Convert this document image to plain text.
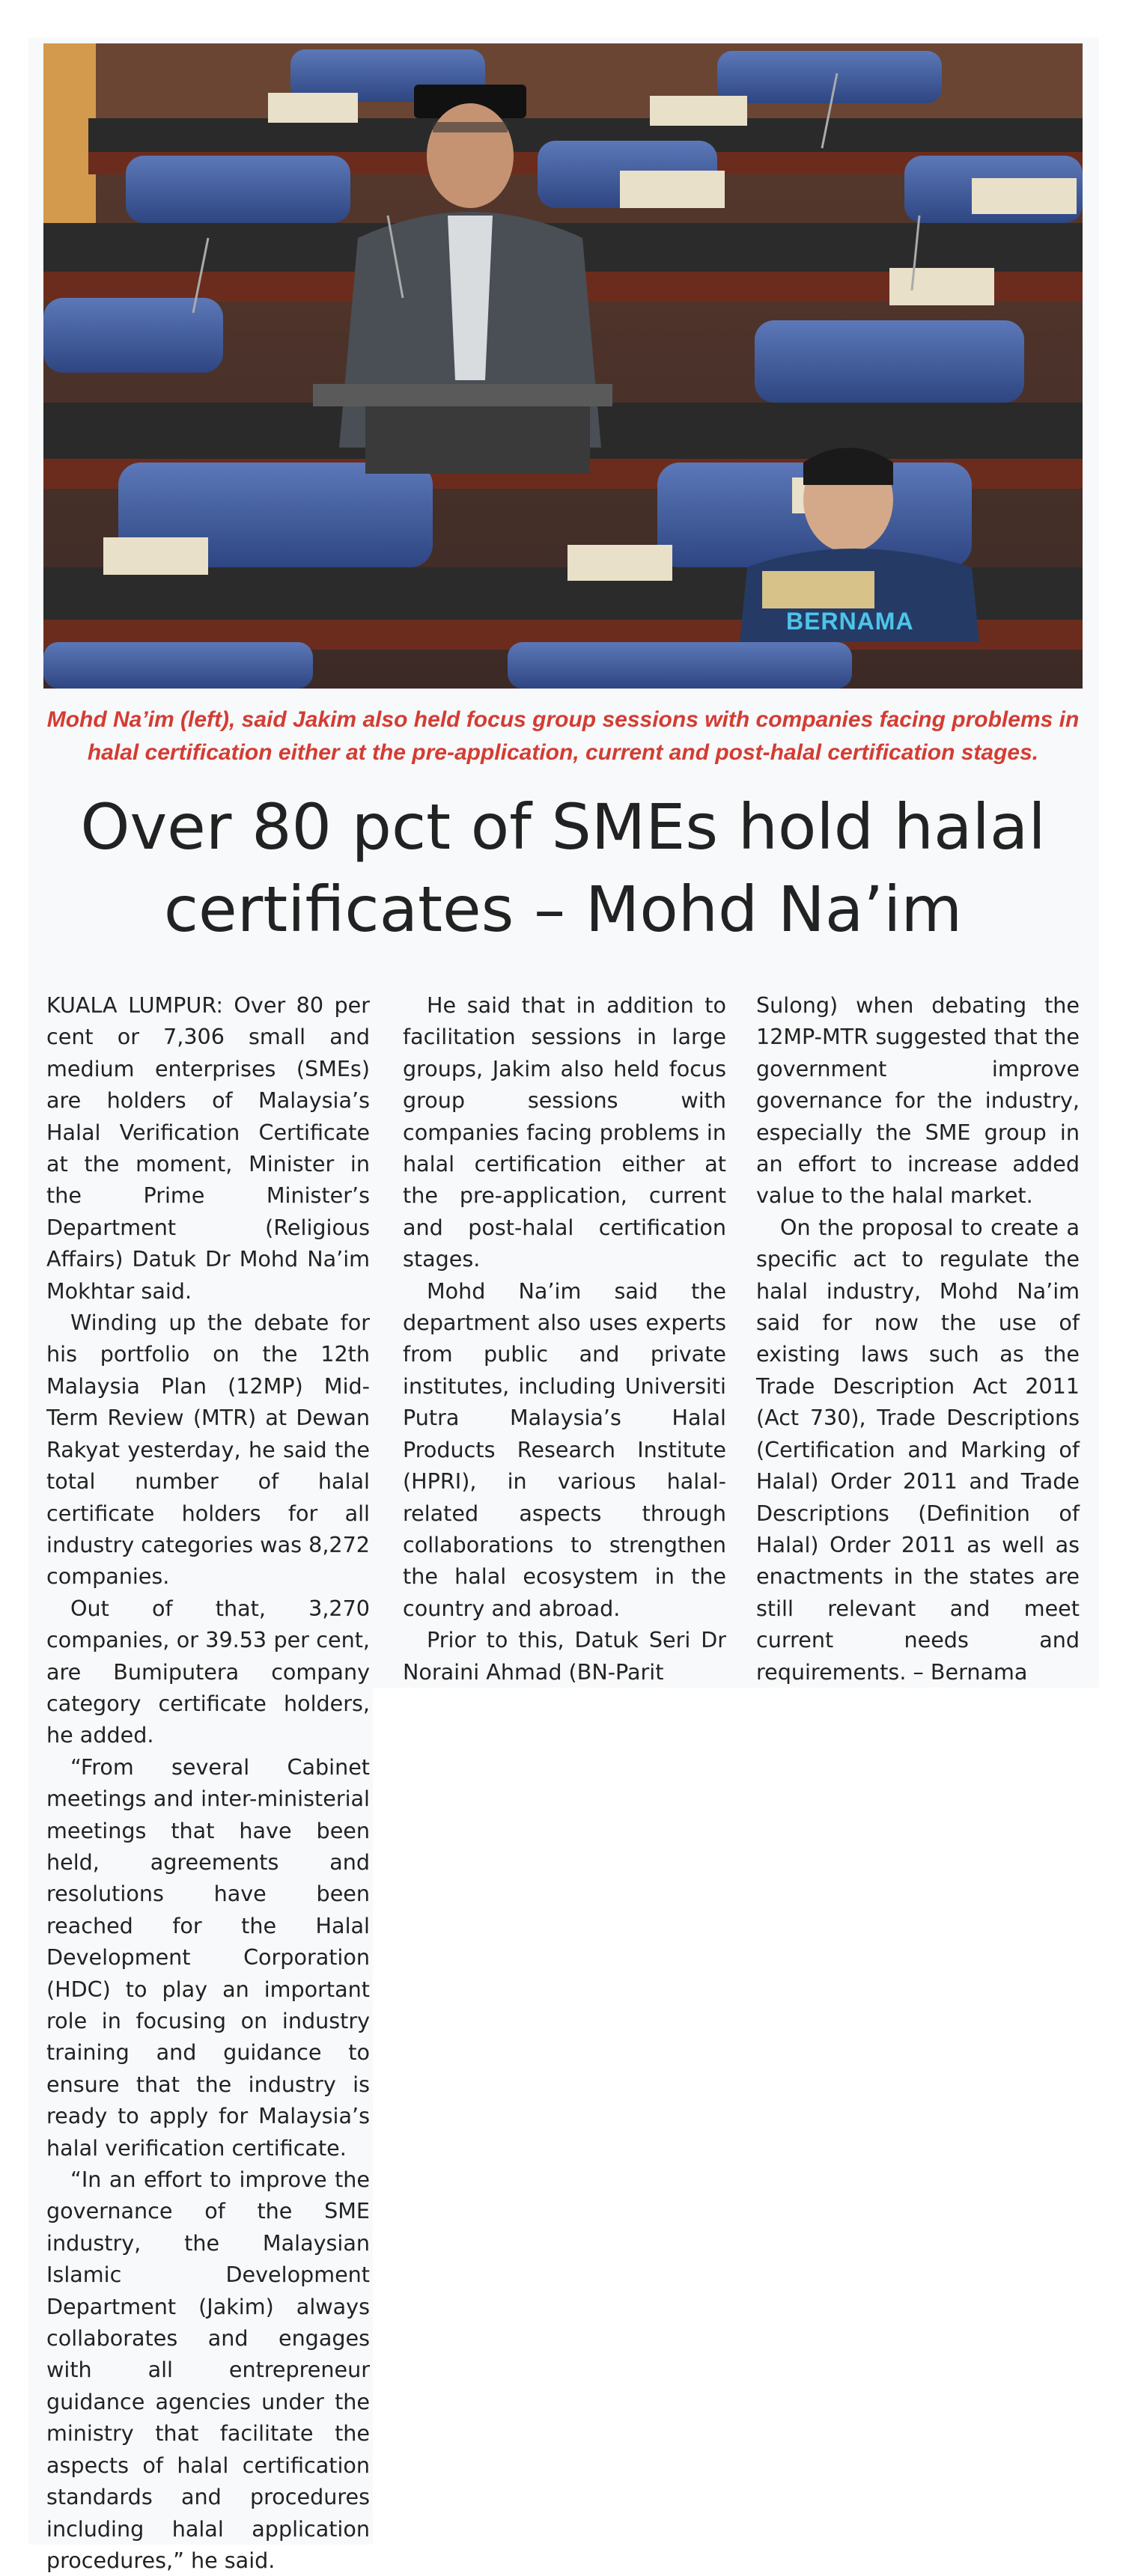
BERNAMA
Mohd Na’im (left), said Jakim also held focus group sessions with companies facing problems in halal certification either at the pre-application, current and post-halal certification stages.
Over 80 pct of SMEs hold halal certificates – Mohd Na’im

KUALA LUMPUR: Over 80 per cent or 7,306 small and medium enterprises (SMEs) are holders of Malaysia’s Halal Verification Certificate at the moment, Minister in the Prime Minister’s Department (Religious Affairs) Datuk Dr Mohd Na’im Mokhtar said.

Winding up the debate for his portfolio on the 12th Malaysia Plan (12MP) Mid-Term Review (MTR) at Dewan Rakyat yesterday, he said the total number of halal certificate holders for all industry categories was 8,272 companies.

Out of that, 3,270 companies, or 39.53 per cent, are Bumiputera company category certificate holders, he added.

“From several Cabinet meetings and inter-ministerial meetings that have been held, agreements and resolutions have been reached for the Halal Development Corporation (HDC) to play an important role in focusing on industry training and guidance to ensure that the industry is ready to apply for Malaysia’s halal verification certificate.

“In an effort to improve the governance of the SME industry, the Malaysian Islamic Development Department (Jakim) always collaborates and engages with all entrepreneur guidance agencies under the ministry that facilitate the aspects of halal certification standards and procedures including halal application procedures,” he said.

He said that in addition to facilitation sessions in large groups, Jakim also held focus group sessions with companies facing problems in halal certification either at the pre-application, current and post-halal certification stages.

Mohd Na’im said the department also uses experts from public and private institutes, including Universiti Putra Malaysia’s Halal Products Research Institute (HPRI), in various halal-related aspects through collaborations to strengthen the halal ecosystem in the country and abroad.

Prior to this, Datuk Seri Dr Noraini Ahmad (BN-Parit

Sulong) when debating the 12MP-MTR suggested that the government improve governance for the industry, especially the SME group in an effort to increase added value to the halal market.

On the proposal to create a specific act to regulate the halal industry, Mohd Na’im said for now the use of existing laws such as the Trade Description Act 2011 (Act 730), Trade Descriptions (Certification and Marking of Halal) Order 2011 and Trade Descriptions (Definition of Halal) Order 2011 as well as enactments in the states are still relevant and meet current needs and requirements. – Bernama
